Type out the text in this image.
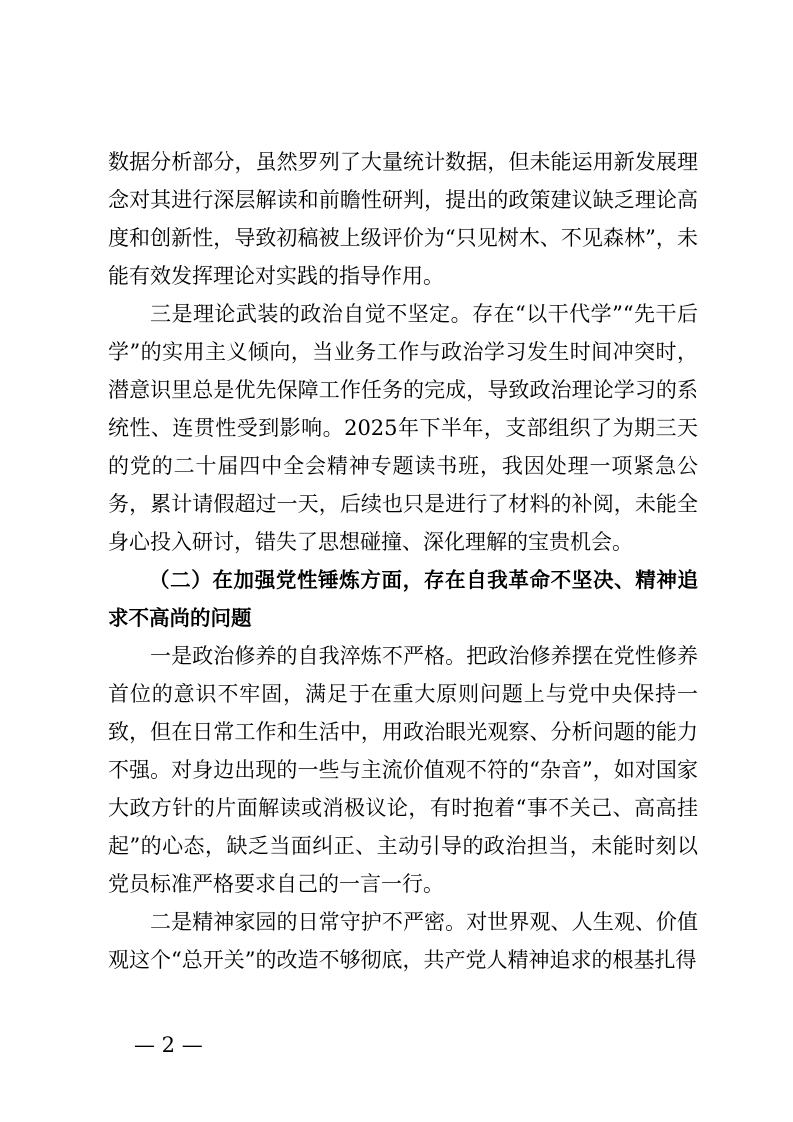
数据分析部分，虽然罗列了大量统计数据，但未能运用新发展理念对其进行深层解读和前瞻性研判，提出的政策建议缺乏理论高度和创新性，导致初稿被上级评价为“只见树木、不见森林”，未能有效发挥理论对实践的指导作用。

三是理论武装的政治自觉不坚定。存在“以干代学”“先干后学”的实用主义倾向，当业务工作与政治学习发生时间冲突时，潜意识里总是优先保障工作任务的完成，导致政治理论学习的系统性、连贯性受到影响。2025年下半年，支部组织了为期三天的党的二十届四中全会精神专题读书班，我因处理一项紧急公务，累计请假超过一天，后续也只是进行了材料的补阅，未能全身心投入研讨，错失了思想碰撞、深化理解的宝贵机会。

（二）在加强党性锤炼方面，存在自我革命不坚决、精神追求不高尚的问题

一是政治修养的自我淬炼不严格。把政治修养摆在党性修养首位的意识不牢固，满足于在重大原则问题上与党中央保持一致，但在日常工作和生活中，用政治眼光观察、分析问题的能力不强。对身边出现的一些与主流价值观不符的“杂音”，如对国家大政方针的片面解读或消极议论，有时抱着“事不关己、高高挂起”的心态，缺乏当面纠正、主动引导的政治担当，未能时刻以党员标准严格要求自己的一言一行。

二是精神家园的日常守护不严密。对世界观、人生观、价值观这个“总开关”的改造不够彻底，共产党人精神追求的根基扎得

— 2 —
